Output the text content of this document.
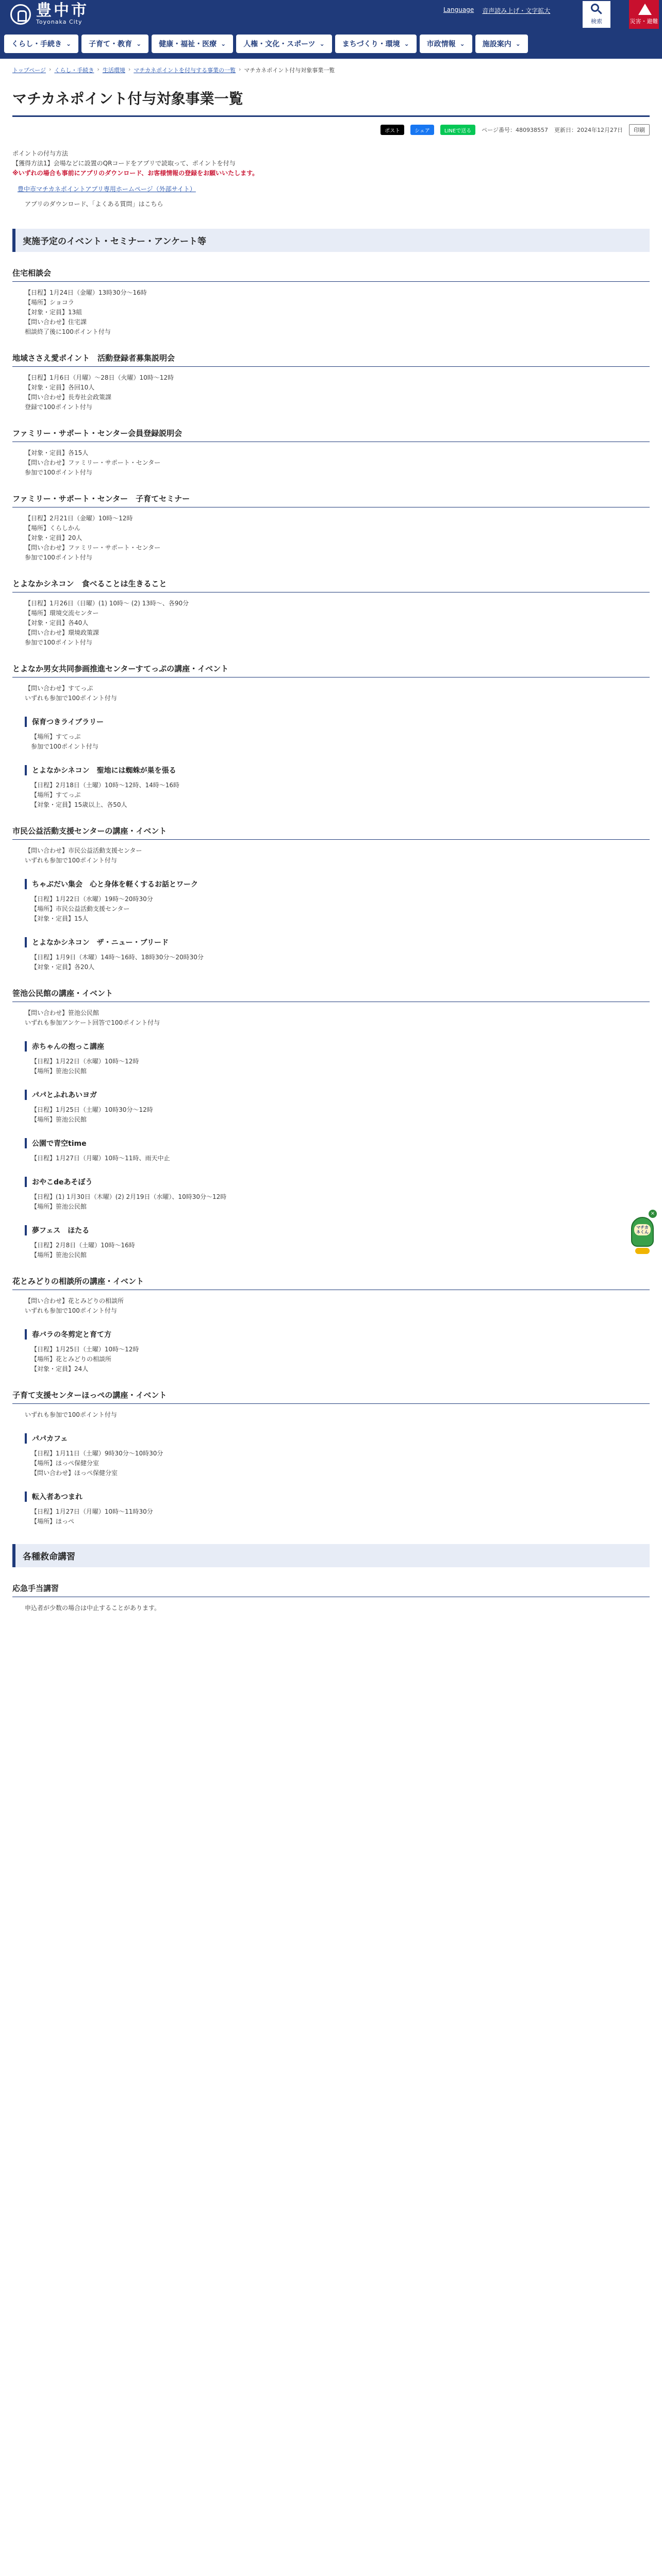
豊中市
Toyonaka City
Language 音声読み上げ・文字拡大
検索	災害・避難
くらし・手続き ⌄	子育て・教育 ⌄	健康・福祉・医療 ⌄	人権・文化・スポーツ ⌄	まちづくり・環境 ⌄	市政情報 ⌄	施設案内 ⌄
トップページ › くらし・手続き › 生活環境 › マチカネポイントを付与する事業の一覧 › マチカネポイント付与対象事業一覧
マチカネポイント付与対象事業一覧
ポスト	シェア	LINEで送る	ページ番号：480938557 更新日：2024年12月27日	印刷
ポイントの付与方法
【獲得方法1】会場などに設置のQRコードをアプリで読取って、ポイントを付与
※いずれの場合も事前にアプリのダウンロード、お客様情報の登録をお願いいたします。
豊中市マチカネポイントアプリ専用ホームページ（外部サイト）
アプリのダウンロード、「よくある質問」はこちら
実施予定のイベント・セミナー・アンケート等
住宅相談会
【日程】1月24日（金曜）13時30分～16時
【場所】ショコラ
【対象・定員】13組
【問い合わせ】住宅課
相談終了後に100ポイント付与
地域ささえ愛ポイント　活動登録者募集説明会
【日程】1月6日（月曜）～28日（火曜）10時～12時
【対象・定員】各回10人
【問い合わせ】長寿社会政策課
登録で100ポイント付与
ファミリー・サポート・センター会員登録説明会
【対象・定員】各15人
【問い合わせ】ファミリー・サポート・センター
参加で100ポイント付与
ファミリー・サポート・センター　子育てセミナー
【日程】2月21日（金曜）10時～12時
【場所】くらしかん
【対象・定員】20人
【問い合わせ】ファミリー・サポート・センター
参加で100ポイント付与
とよなかシネコン　食べることは生きること
【日程】1月26日（日曜）(1) 10時～ (2) 13時～、各90分
【場所】環境交流センター
【対象・定員】各40人
【問い合わせ】環境政策課
参加で100ポイント付与
とよなか男女共同参画推進センターすてっぷの講座・イベント
【問い合わせ】すてっぷ
いずれも参加で100ポイント付与
保育つきライブラリー
【場所】すてっぷ
参加で100ポイント付与
とよなかシネコン　聖地には蜘蛛が巣を張る
【日程】2月18日（土曜）10時～12時、14時～16時
【場所】すてっぷ
【対象・定員】15歳以上、各50人
市民公益活動支援センターの講座・イベント
【問い合わせ】市民公益活動支援センター
いずれも参加で100ポイント付与
ちゃぶだい集会　心と身体を軽くするお話とワーク
【日程】1月22日（水曜）19時～20時30分
【場所】市民公益活動支援センター
【対象・定員】15人
とよなかシネコン　ザ・ニュー・ブリード
【日程】1月9日（木曜）14時～16時、18時30分～20時30分
【対象・定員】各20人
笹池公民館の講座・イベント
【問い合わせ】笹池公民館
いずれも参加アンケート回答で100ポイント付与
赤ちゃんの抱っこ講座
【日程】1月22日（水曜）10時～12時
【場所】笹池公民館
パパとふれあいヨガ
【日程】1月25日（土曜）10時30分～12時
【場所】笹池公民館
公園で青空time
【日程】1月27日（月曜）10時～11時、雨天中止
おやこdeあそぼう
【日程】(1) 1月30日（木曜）(2) 2月19日（水曜）、10時30分～12時
【場所】笹池公民館
夢フェス　ほたる
【日程】2月8日（土曜）10時～16時
【場所】笹池公民館
花とみどりの相談所の講座・イベント
【問い合わせ】花とみどりの相談所
いずれも参加で100ポイント付与
春バラの冬剪定と育て方
【日程】1月25日（土曜）10時～12時
【場所】花とみどりの相談所
【対象・定員】24人
子育て支援センターほっぺの講座・イベント
いずれも参加で100ポイント付与
パパカフェ
【日程】1月11日（土曜）9時30分～10時30分
【場所】ほっぺ保健分室
【問い合わせ】ほっぺ保健分室
転入者あつまれ
【日程】1月27日（月曜）10時～11時30分
【場所】ほっぺ
各種救命講習
応急手当講習
申込者が少数の場合は中止することがあります。
×
マチカネくん
